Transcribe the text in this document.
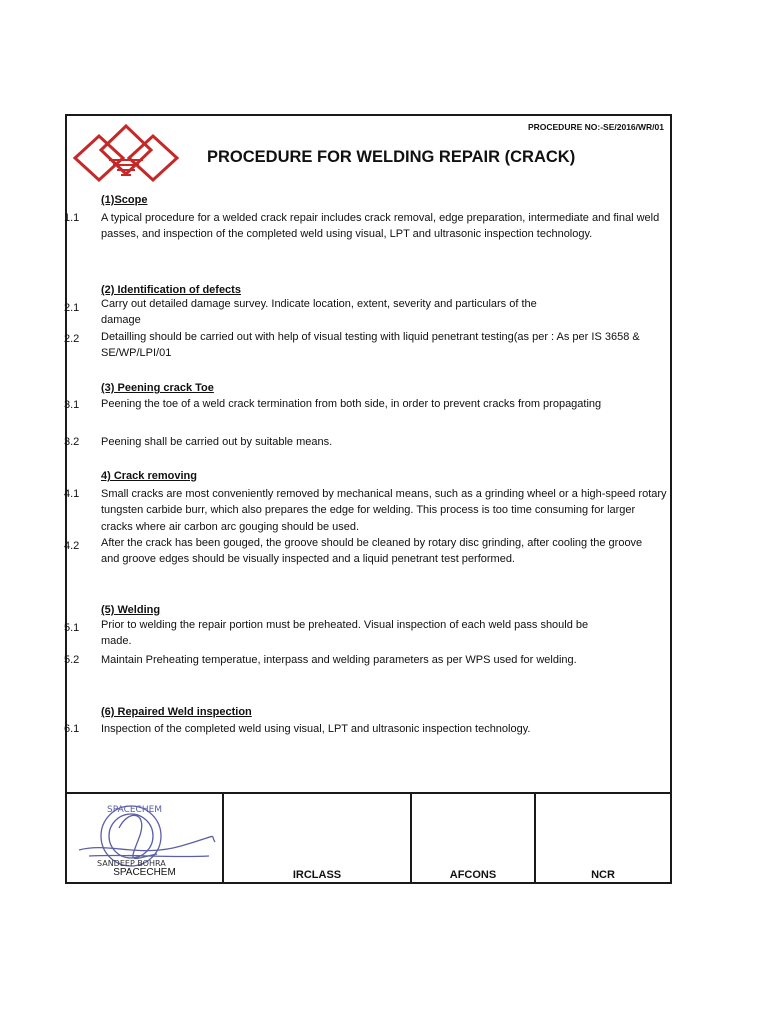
PROCEDURE NO:-SE/2016/WR/01
PROCEDURE FOR WELDING REPAIR (CRACK)
(1)Scope
1.1 A typical procedure for a welded crack repair includes crack removal, edge preparation, intermediate and final weld passes, and inspection of the completed weld using visual, LPT and ultrasonic inspection technology.
(2) Identification of defects
2.1 Carry out detailed damage survey. Indicate location, extent, severity and particulars of the damage
2.2 Detailling should be carried out with help of visual testing with liquid penetrant testing(as per : As per IS 3658 & SE/WP/LPI/01
(3) Peening crack Toe
3.1 Peening the toe of a weld crack termination from both side, in order to prevent cracks from propagating
3.2 Peening shall be carried out by suitable means.
4) Crack removing
4.1 Small cracks are most conveniently removed by mechanical means, such as a grinding wheel or a high-speed rotary tungsten carbide burr, which also prepares the edge for welding. This process is too time consuming for larger cracks where air carbon arc gouging should be used.
4.2 After the crack has been gouged, the groove should be cleaned by rotary disc grinding, after cooling the groove and groove edges should be visually inspected and a liquid penetrant test performed.
(5) Welding
5.1 Prior to welding the repair portion must be preheated. Visual inspection of each weld pass should be made.
5.2 Maintain Preheating temperatue, interpass and welding parameters as per WPS used for welding.
(6) Repaired Weld inspection
6.1 Inspection of the completed weld using visual, LPT and ultrasonic inspection technology.
SPACECHEM
SANDEEP BOHRA
SPACECHEM	IRCLASS	AFCONS	NCR
